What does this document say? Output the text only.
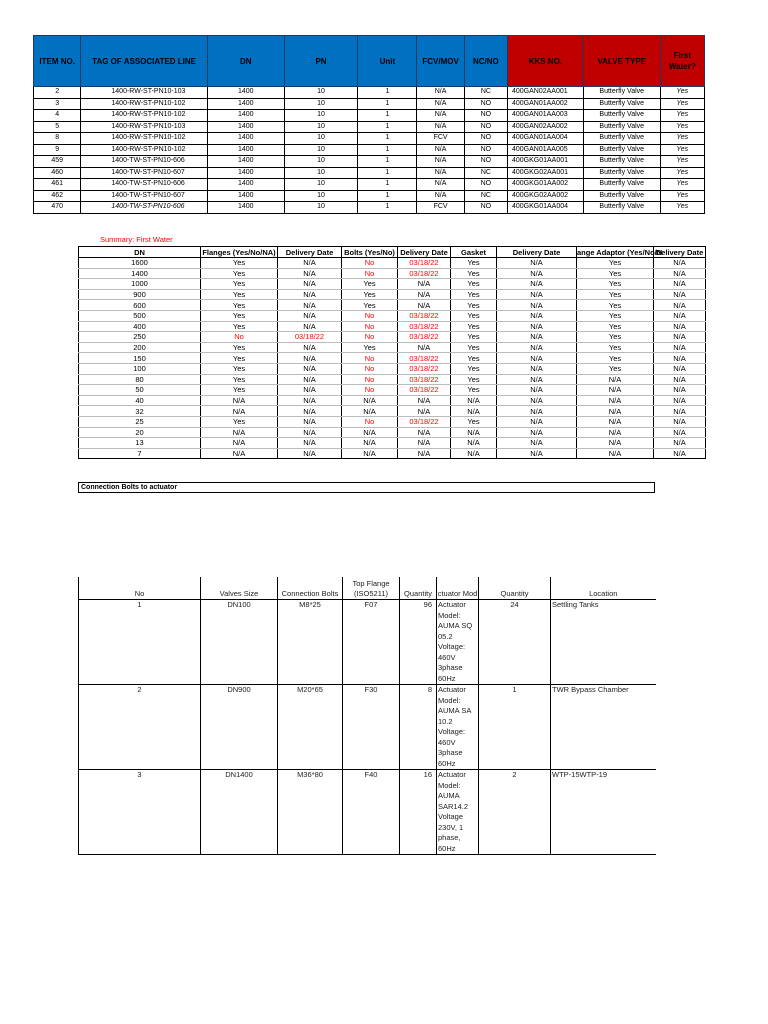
ITEM NO.	TAG OF ASSOCIATED LINE	DN	PN	Unit	FCV/MOV	NC/NO	KKS NO.	VALVE TYPE	First Water?
2	1400-RW-ST-PN10-103	1400	10	1	N/A	NC	400GAN02AA001	Butterfly Valve	Yes
3	1400-RW-ST-PN10-102	1400	10	1	N/A	NO	400GAN01AA002	Butterfly Valve	Yes
4	1400-RW-ST-PN10-102	1400	10	1	N/A	NO	400GAN01AA003	Butterfly Valve	Yes
5	1400-RW-ST-PN10-103	1400	10	1	N/A	NO	400GAN02AA002	Butterfly Valve	Yes
8	1400-RW-ST-PN10-102	1400	10	1	FCV	NO	400GAN01AA004	Butterfly Valve	Yes
9	1400-RW-ST-PN10-102	1400	10	1	N/A	NO	400GAN01AA005	Butterfly Valve	Yes
459	1400-TW-ST-PN10-606	1400	10	1	N/A	NO	400GKG01AA001	Butterfly Valve	Yes
460	1400-TW-ST-PN10-607	1400	10	1	N/A	NC	400GKG02AA001	Butterfly Valve	Yes
461	1400-TW-ST-PN10-606	1400	10	1	N/A	NO	400GKG01AA002	Butterfly Valve	Yes
462	1400-TW-ST-PN10-607	1400	10	1	N/A	NC	400GKG02AA002	Butterfly Valve	Yes
470	1400-TW-ST-PN10-606	1400	10	1	FCV	NO	400GKG01AA004	Butterfly Valve	Yes
Summary: First Water
DN	Flanges (Yes/No/NA)	Delivery Date	Bolts (Yes/No)	Delivery Date	Gasket	Delivery Date	ange Adaptor (Yes/No/N	Delivery Date
1600	Yes	N/A	No	03/18/22	Yes	N/A	Yes	N/A
1400	Yes	N/A	No	03/18/22	Yes	N/A	Yes	N/A
1000	Yes	N/A	Yes	N/A	Yes	N/A	Yes	N/A
900	Yes	N/A	Yes	N/A	Yes	N/A	Yes	N/A
600	Yes	N/A	Yes	N/A	Yes	N/A	Yes	N/A
500	Yes	N/A	No	03/18/22	Yes	N/A	Yes	N/A
400	Yes	N/A	No	03/18/22	Yes	N/A	Yes	N/A
250	No	03/18/22	No	03/18/22	Yes	N/A	Yes	N/A
200	Yes	N/A	Yes	N/A	Yes	N/A	Yes	N/A
150	Yes	N/A	No	03/18/22	Yes	N/A	Yes	N/A
100	Yes	N/A	No	03/18/22	Yes	N/A	Yes	N/A
80	Yes	N/A	No	03/18/22	Yes	N/A	N/A	N/A
50	Yes	N/A	No	03/18/22	Yes	N/A	N/A	N/A
40	N/A	N/A	N/A	N/A	N/A	N/A	N/A	N/A
32	N/A	N/A	N/A	N/A	N/A	N/A	N/A	N/A
25	Yes	N/A	No	03/18/22	Yes	N/A	N/A	N/A
20	N/A	N/A	N/A	N/A	N/A	N/A	N/A	N/A
13	N/A	N/A	N/A	N/A	N/A	N/A	N/A	N/A
7	N/A	N/A	N/A	N/A	N/A	N/A	N/A	N/A
Connection Bolts to actuator
No	Valves Size	Connection Bolts	Top Flange (ISO5211)	Quantity	ctuator Mod	Quantity	Location
1	DN100	M8*25	F07	96	Actuator Model: AUMA SQ 05.2 Voltage: 460V 3phase 60Hz	24	Settling Tanks
2	DN900	M20*65	F30	8	Actuator Model: AUMA SA 10.2 Voltage: 460V 3phase 60Hz	1	TWR Bypass Chamber
3	DN1400	M36*80	F40	16	Actuator Model: AUMA SAR14.2 Voltage 230V, 1 phase, 60Hz	2	WTP-15WTP-19
